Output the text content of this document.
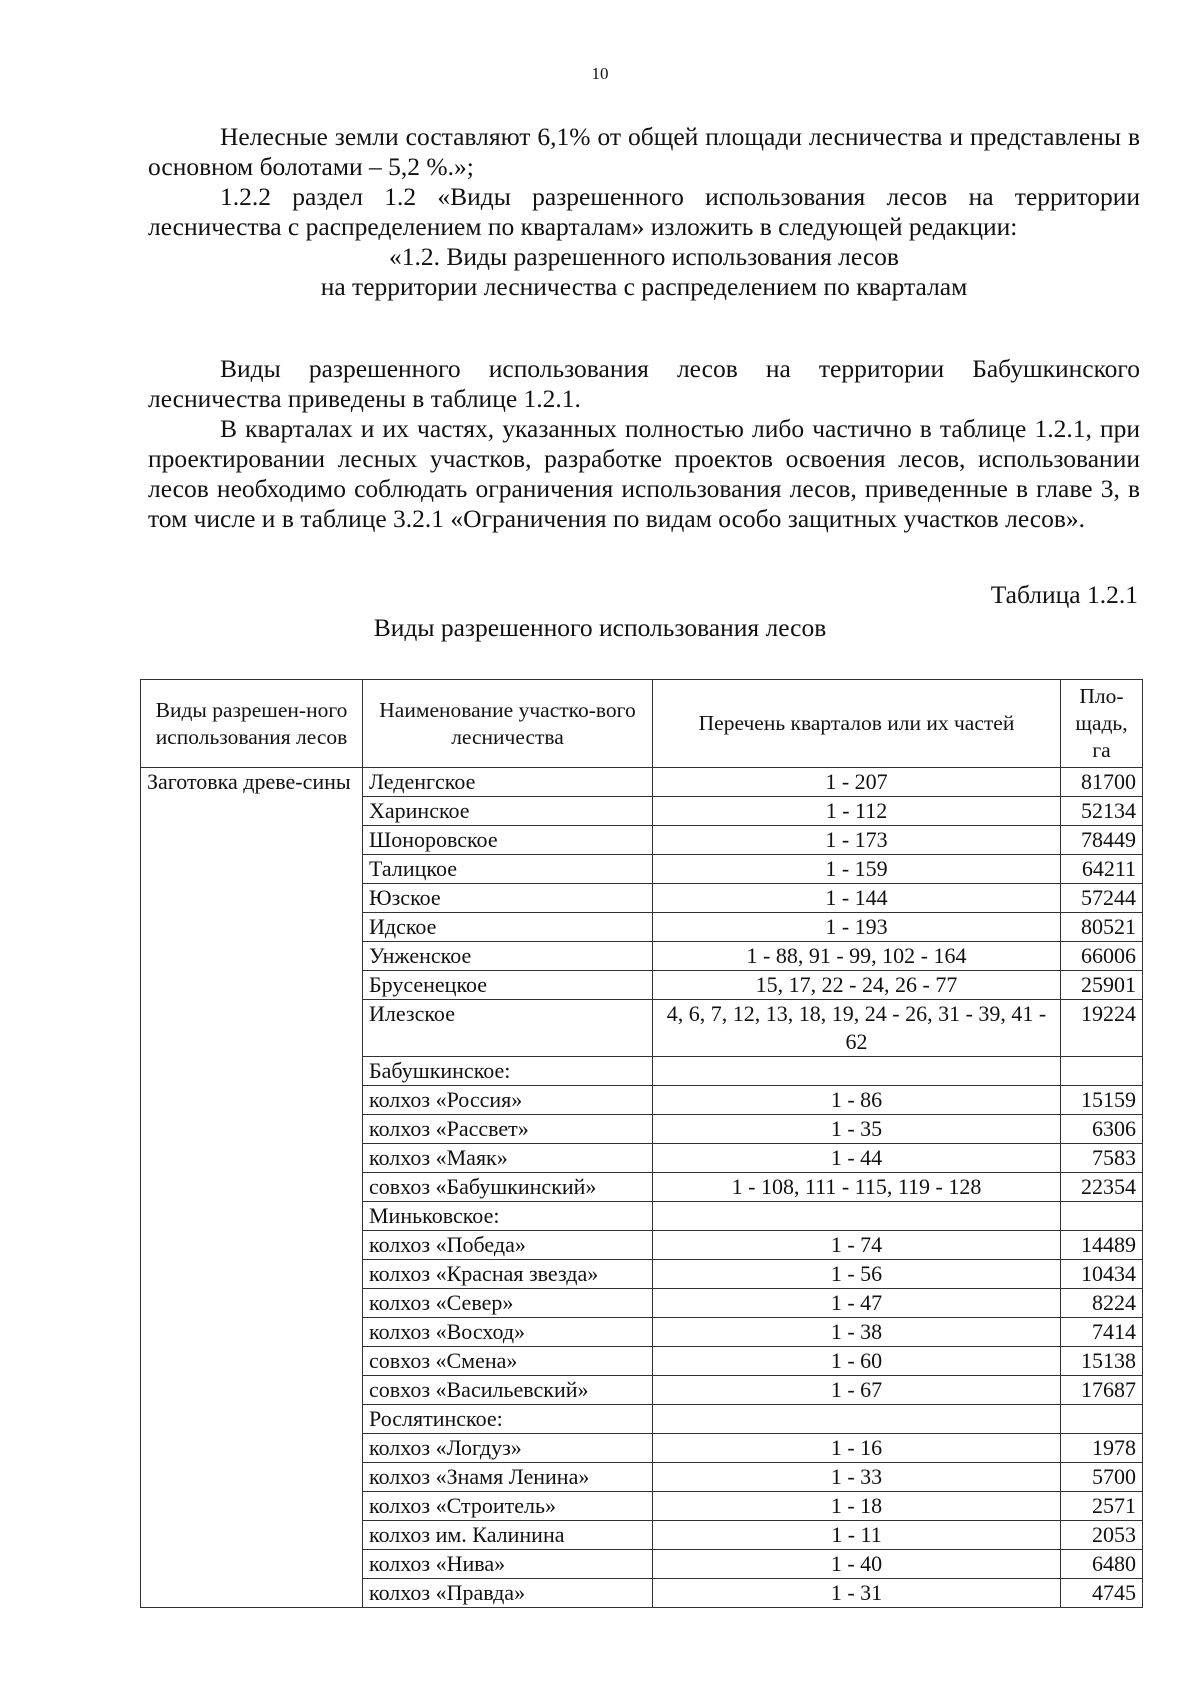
10

Нелесные земли составляют 6,1% от общей площади лесничества и представлены в основном болотами – 5,2 %.»;

1.2.2 раздел 1.2 «Виды разрешенного использования лесов на территории лесничества с распределением по кварталам» изложить в следующей редакции:

«1.2. Виды разрешенного использования лесов

на территории лесничества с распределением по кварталам

Виды разрешенного использования лесов на территории Бабушкинского лесничества приведены в таблице 1.2.1.

В кварталах и их частях, указанных полностью либо частично в таблице 1.2.1, при проектировании лесных участков, разработке проектов освоения лесов, использовании лесов необходимо соблюдать ограничения использования лесов, приведенные в главе 3, в том числе и в таблице 3.2.1 «Ограничения по видам особо защитных участков лесов».

Таблица 1.2.1
Виды разрешенного использования лесов
Виды разрешен-ного использования лесов	Наименование участко-вого лесничества	Перечень кварталов или их частей	Пло-щадь, га
Заготовка древе-сины	Леденгское	1 - 207	81700
	Харинское	1 - 112	52134
	Шоноровское	1 - 173	78449
	Талицкое	1 - 159	64211
	Юзское	1 - 144	57244
	Идское	1 - 193	80521
	Унженское	1 - 88, 91 - 99, 102 - 164	66006
	Брусенецкое	15, 17, 22 - 24, 26 - 77	25901
	Илезское	4, 6, 7, 12, 13, 18, 19, 24 - 26, 31 - 39, 41 - 62	19224
	Бабушкинское:		
	колхоз «Россия»	1 - 86	15159
	колхоз «Рассвет»	1 - 35	6306
	колхоз «Маяк»	1 - 44	7583
	совхоз «Бабушкинский»	1 - 108, 111 - 115, 119 - 128	22354
	Миньковское:		
	колхоз «Победа»	1 - 74	14489
	колхоз «Красная звезда»	1 - 56	10434
	колхоз «Север»	1 - 47	8224
	колхоз «Восход»	1 - 38	7414
	совхоз «Смена»	1 - 60	15138
	совхоз «Васильевский»	1 - 67	17687
	Рослятинское:		
	колхоз «Логдуз»	1 - 16	1978
	колхоз «Знамя Ленина»	1 - 33	5700
	колхоз «Строитель»	1 - 18	2571
	колхоз им. Калинина	1 - 11	2053
	колхоз «Нива»	1 - 40	6480
	колхоз «Правда»	1 - 31	4745
